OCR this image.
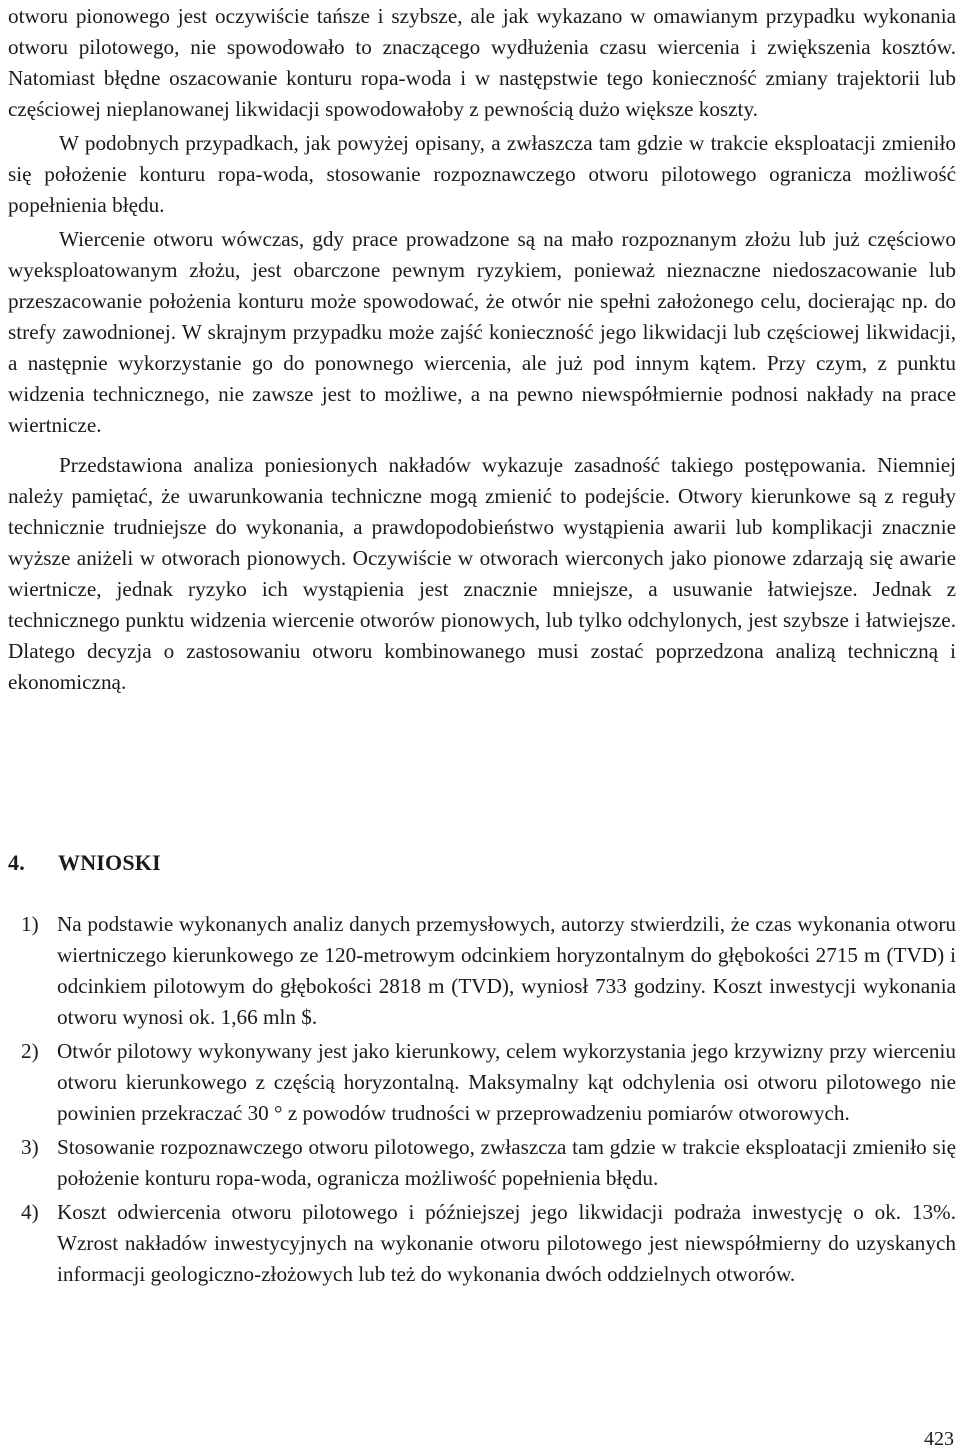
otworu pionowego jest oczywiście tańsze i szybsze, ale jak wykazano w omawianym przypadku wykonania otworu pilotowego, nie spowodowało to znaczącego wydłużenia czasu wiercenia i zwiększenia kosztów. Natomiast błędne oszacowanie konturu ropa-woda i w następstwie tego konieczność zmiany trajektorii lub częściowej nieplanowanej likwidacji spowodowałoby z pewnością dużo większe koszty.

W podobnych przypadkach, jak powyżej opisany, a zwłaszcza tam gdzie w trakcie eksploatacji zmieniło się położenie konturu ropa-woda, stosowanie rozpoznawczego otworu pilotowego ogranicza możliwość popełnienia błędu.

Wiercenie otworu wówczas, gdy prace prowadzone są na mało rozpoznanym złożu lub już częściowo wyeksploatowanym złożu, jest obarczone pewnym ryzykiem, ponieważ nieznaczne niedoszacowanie lub przeszacowanie położenia konturu może spowodować, że otwór nie spełni założonego celu, docierając np. do strefy zawodnionej. W skrajnym przypadku może zajść konieczność jego likwidacji lub częściowej likwidacji, a następnie wykorzystanie go do ponownego wiercenia, ale już pod innym kątem. Przy czym, z punktu widzenia technicznego, nie zawsze jest to możliwe, a na pewno niewspółmiernie podnosi nakłady na prace wiertnicze.

Przedstawiona analiza poniesionych nakładów wykazuje zasadność takiego postępowania. Niemniej należy pamiętać, że uwarunkowania techniczne mogą zmienić to podejście. Otwory kierunkowe są z reguły technicznie trudniejsze do wykonania, a prawdopodobieństwo wystąpienia awarii lub komplikacji znacznie wyższe aniżeli w otworach pionowych. Oczywiście w otworach wierconych jako pionowe zdarzają się awarie wiertnicze, jednak ryzyko ich wystąpienia jest znacznie mniejsze, a usuwanie łatwiejsze. Jednak z technicznego punktu widzenia wiercenie otworów pionowych, lub tylko odchylonych, jest szybsze i łatwiejsze. Dlatego decyzja o zastosowaniu otworu kombinowanego musi zostać poprzedzona analizą techniczną i ekonomiczną.

4. WNIOSKI
1) Na podstawie wykonanych analiz danych przemysłowych, autorzy stwierdzili, że czas wykonania otworu wiertniczego kierunkowego ze 120-metrowym odcinkiem horyzontalnym do głębokości 2715 m (TVD) i odcinkiem pilotowym do głębokości 2818 m (TVD), wyniosł 733 godziny. Koszt inwestycji wykonania otworu wynosi ok. 1,66 mln $.
2) Otwór pilotowy wykonywany jest jako kierunkowy, celem wykorzystania jego krzywizny przy wierceniu otworu kierunkowego z częścią horyzontalną. Maksymalny kąt odchylenia osi otworu pilotowego nie powinien przekraczać 30 ° z powodów trudności w przeprowadzeniu pomiarów otworowych.
3) Stosowanie rozpoznawczego otworu pilotowego, zwłaszcza tam gdzie w trakcie eksploatacji zmieniło się położenie konturu ropa-woda, ogranicza możliwość popełnienia błędu.
4) Koszt odwiercenia otworu pilotowego i późniejszej jego likwidacji podraża inwestycję o ok. 13%. Wzrost nakładów inwestycyjnych na wykonanie otworu pilotowego jest niewspółmierny do uzyskanych informacji geologiczno-złożowych lub też do wykonania dwóch oddzielnych otworów.
423
